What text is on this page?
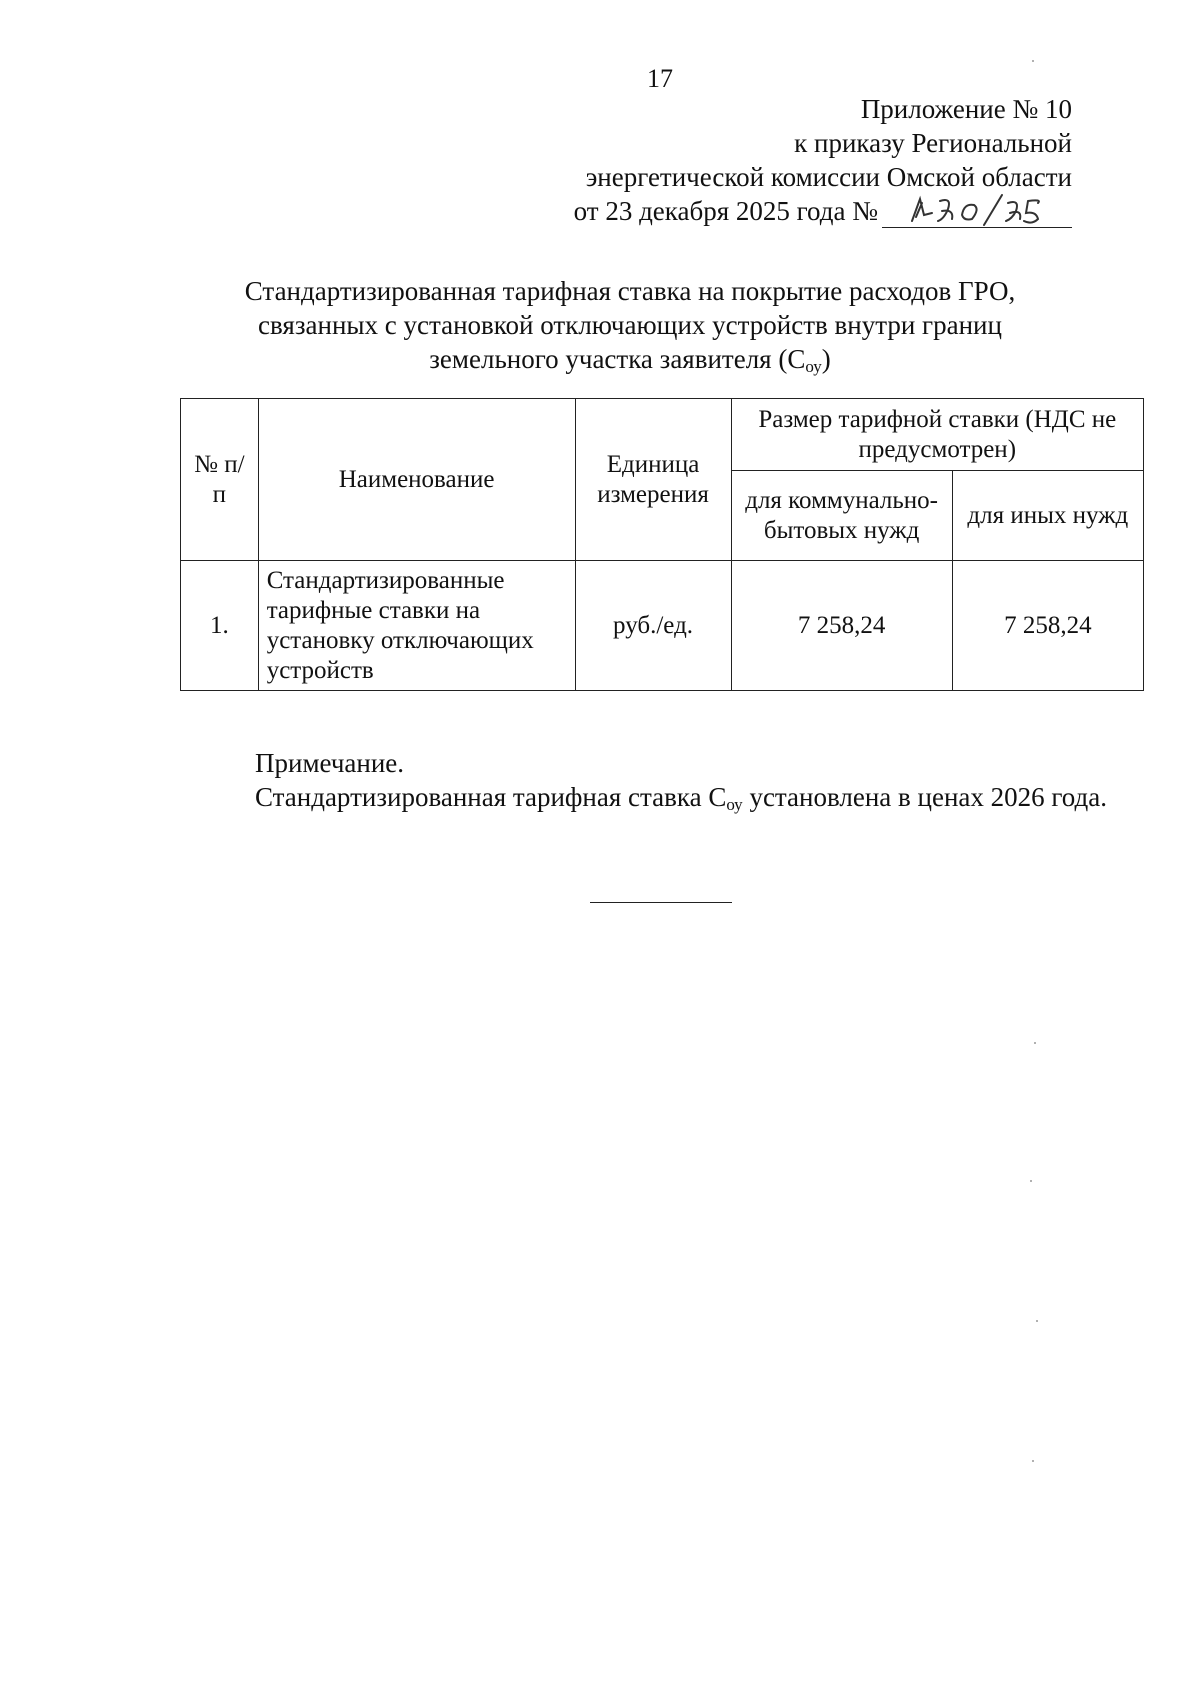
17
Приложение № 10
к приказу Региональной
энергетической комиссии Омской области
от 23 декабря 2025 года №
Стандартизированная тарифная ставка на покрытие расходов ГРО,
связанных с установкой отключающих устройств внутри границ
земельного участка заявителя $(С_{оу})$
№ п/п	Наименование	Единица измерения	Размер тарифной ставки (НДС не предусмотрен)	
			для коммунально-бытовых нужд	для иных нужд
1.	Стандартизированные тарифные ставки на установку отключающих устройств	руб./ед.	7 258,24	7 258,24
Примечание.
Стандартизированная тарифная ставка $С_{оу}$ установлена в ценах 2026 года.
